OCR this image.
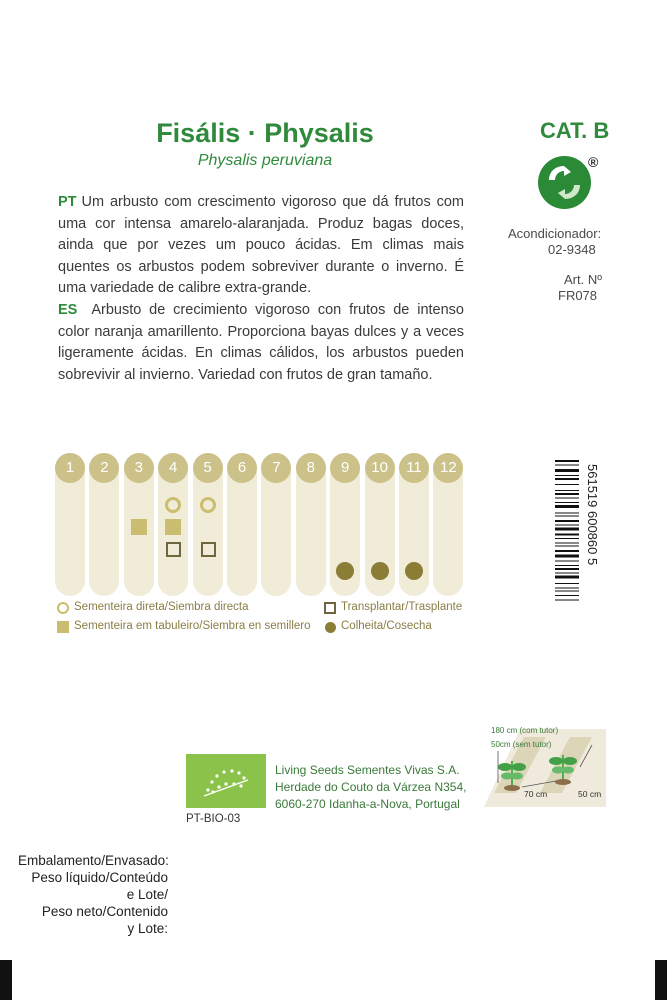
Fisális · Physalis
Physalis peruviana
CAT. B
®
Acondicionador:
02-9348
Art. Nº
FR078
PT Um arbusto com crescimento vigoroso que dá frutos com uma cor intensa amarelo-alaranjada. Produz bagas doces, ainda que por vezes um pouco ácidas. Em climas mais quentes os arbustos podem sobreviver durante o inverno. É uma variedade de calibre extra-grande.
ES Arbusto de crecimiento vigoroso con frutos de intenso color naranja amarillento. Proporciona bayas dulces y a veces ligeramente ácidas. En climas cálidos, los arbustos pueden sobrevivir al invierno. Variedad con frutos de gran tamaño.
1	2	3	4	5	6	7	8	9	10	11	12
Sementeira direta/Siembra directa
Sementeira em tabuleiro/Siembra en semillero
Transplantar/Trasplante
Colheita/Cosecha
561519 600860 5
180 cm (com tutor)
50cm (sem tutor)
70 cm	50 cm
Living Seeds Sementes Vivas S.A.
Herdade do Couto da Várzea N354,
6060-270 Idanha-a-Nova, Portugal
PT-BIO-03
Embalamento/Envasado:
Peso líquido/Conteúdo
e Lote/
Peso neto/Contenido
y Lote:
